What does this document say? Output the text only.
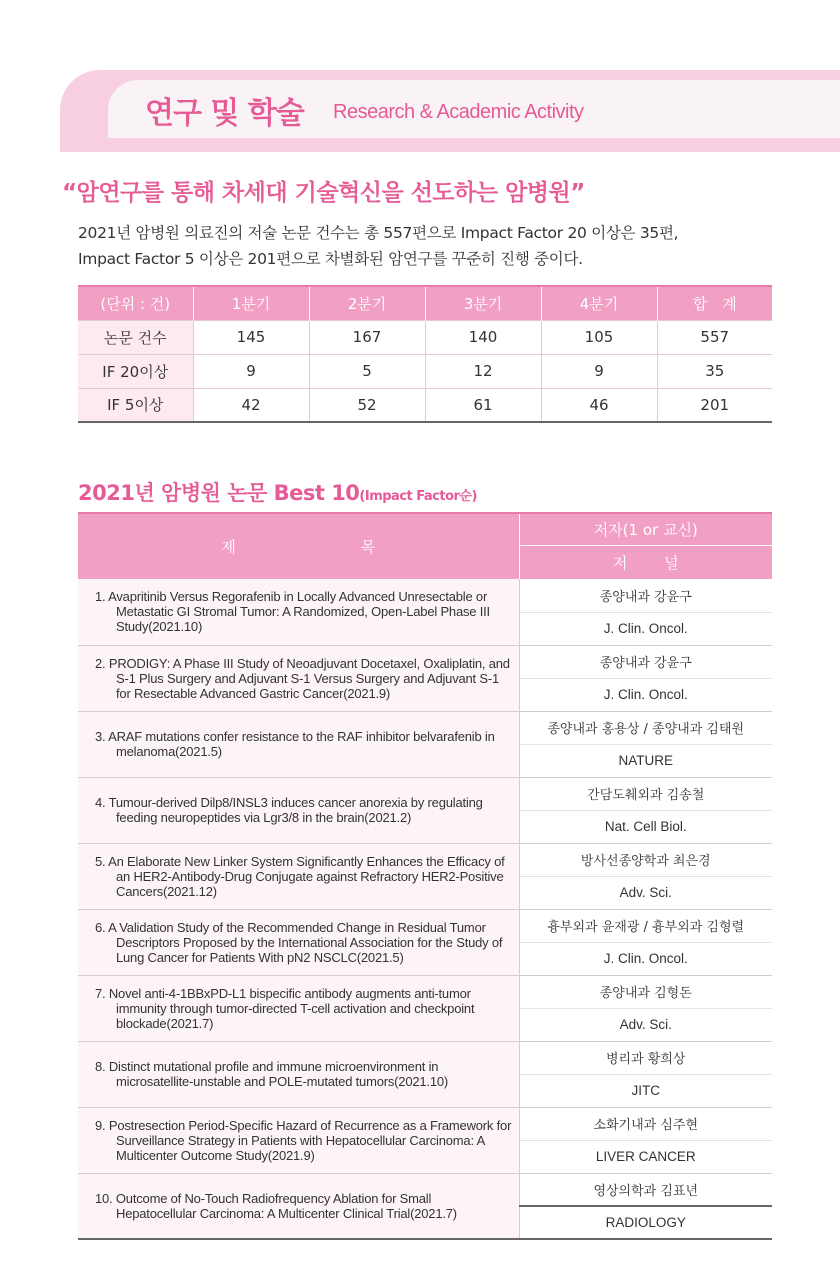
연구 및 학술 Research & Academic Activity
“암연구를 통해 차세대 기술혁신을 선도하는 암병원”

2021년 암병원 의료진의 저술 논문 건수는 총 557편으로 Impact Factor 20 이상은 35편,

Impact Factor 5 이상은 201편으로 차별화된 암연구를 꾸준히 진행 중이다.

(단위 : 건)	1분기	2분기	3분기	4분기	합　계
논문 건수	145	167	140	105	557
IF 20이상	9	5	12	9	35
IF 5이상	42	52	61	46	201
2021년 암병원 논문 Best 10(Impact Factor순)
제 목	저자(1 or 교신)
	저 널
1. Avapritinib Versus Regorafenib in Locally Advanced Unresectable or Metastatic GI Stromal Tumor: A Randomized, Open-Label Phase III Study(2021.10)	종양내과 강윤구
	J. Clin. Oncol.
2. PRODIGY: A Phase III Study of Neoadjuvant Docetaxel, Oxaliplatin, and S-1 Plus Surgery and Adjuvant S-1 Versus Surgery and Adjuvant S-1 for Resectable Advanced Gastric Cancer(2021.9)	종양내과 강윤구
	J. Clin. Oncol.
3. ARAF mutations confer resistance to the RAF inhibitor belvarafenib in melanoma(2021.5)	종양내과 홍용상 / 종양내과 김태원
	NATURE
4. Tumour-derived Dilp8/INSL3 induces cancer anorexia by regulating feeding neuropeptides via Lgr3/8 in the brain(2021.2)	간담도췌외과 김송철
	Nat. Cell Biol.
5. An Elaborate New Linker System Significantly Enhances the Efficacy of an HER2-Antibody-Drug Conjugate against Refractory HER2-Positive Cancers(2021.12)	방사선종양학과 최은경
	Adv. Sci.
6. A Validation Study of the Recommended Change in Residual Tumor Descriptors Proposed by the International Association for the Study of Lung Cancer for Patients With pN2 NSCLC(2021.5)	흉부외과 윤재광 / 흉부외과 김형렬
	J. Clin. Oncol.
7. Novel anti-4-1BBxPD-L1 bispecific antibody augments anti-tumor immunity through tumor-directed T-cell activation and checkpoint blockade(2021.7)	종양내과 김형돈
	Adv. Sci.
8. Distinct mutational profile and immune microenvironment in microsatellite-unstable and POLE-mutated tumors(2021.10)	병리과 황희상
	JITC
9. Postresection Period-Specific Hazard of Recurrence as a Framework for Surveillance Strategy in Patients with Hepatocellular Carcinoma: A Multicenter Outcome Study(2021.9)	소화기내과 심주현
	LIVER CANCER
10. Outcome of No-Touch Radiofrequency Ablation for Small Hepatocellular Carcinoma: A Multicenter Clinical Trial(2021.7)	영상의학과 김표년
	RADIOLOGY
